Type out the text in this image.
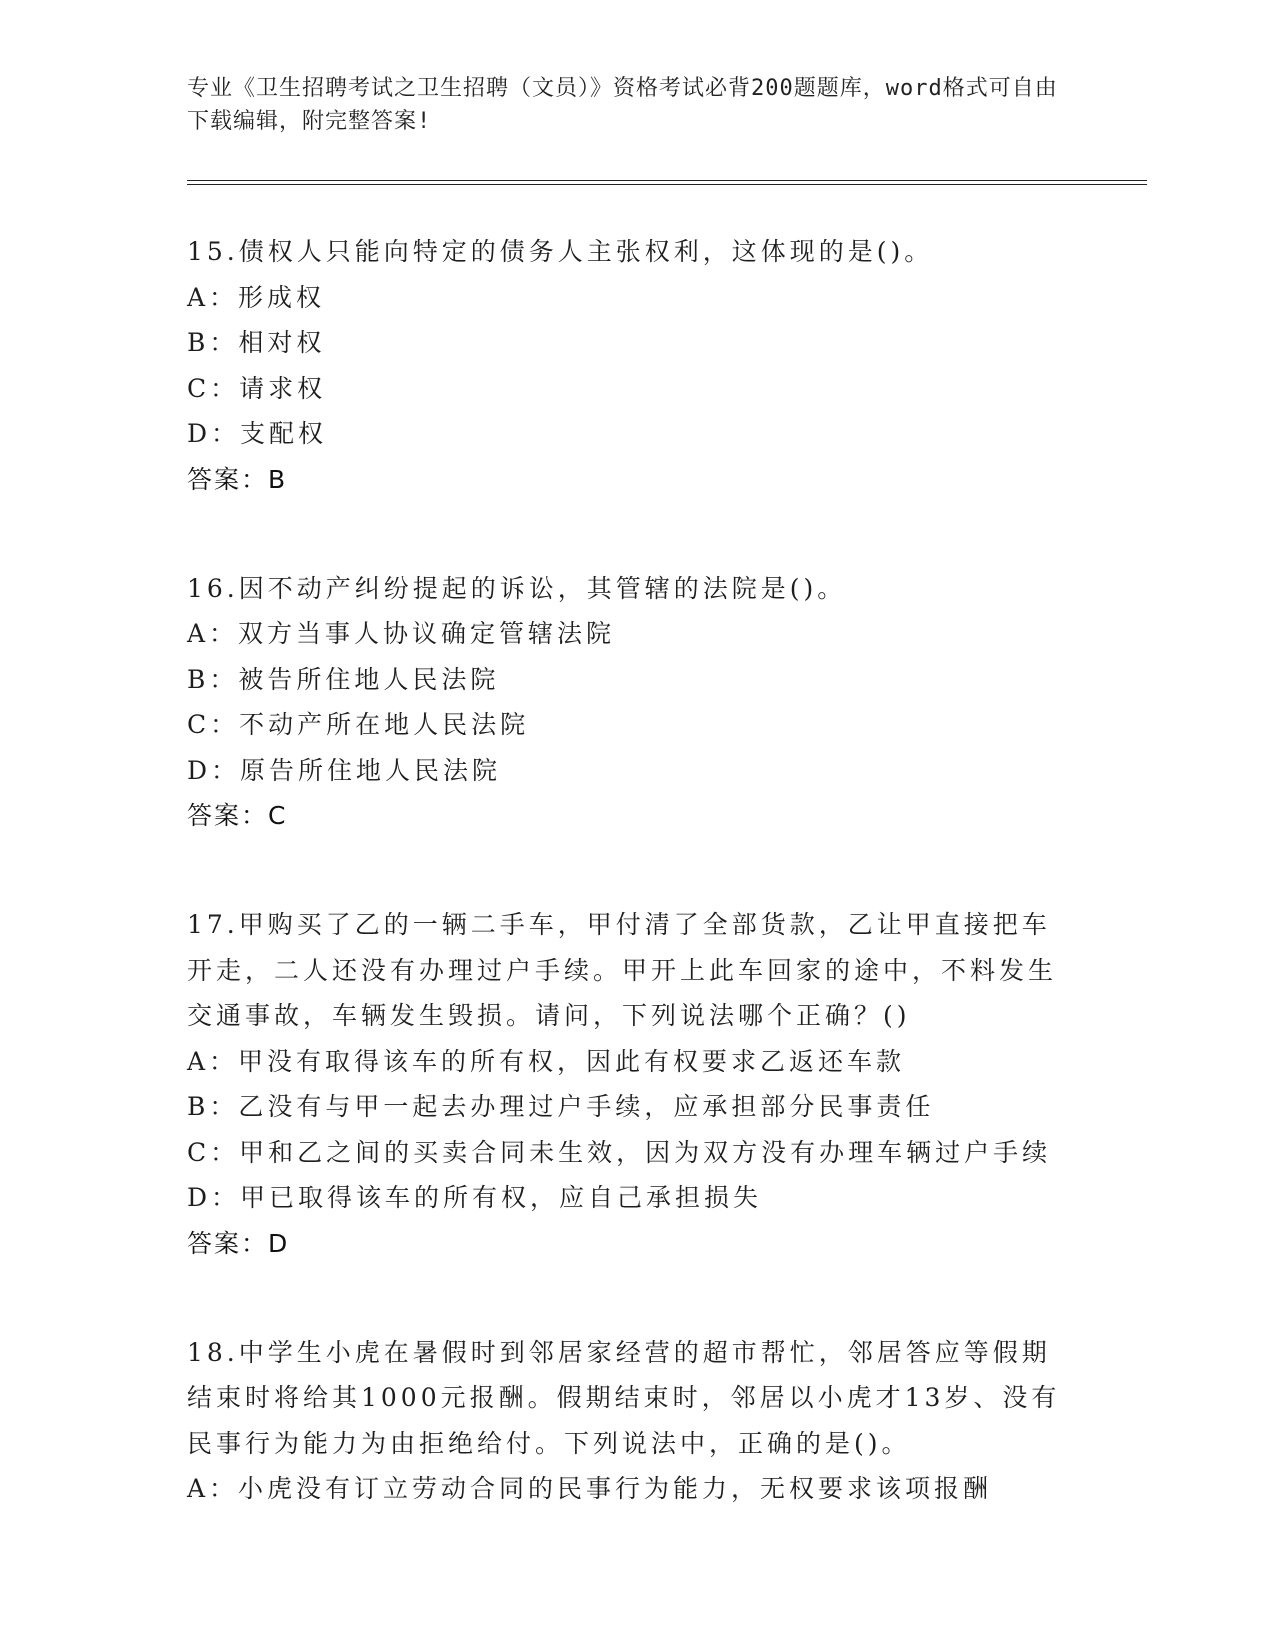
专业《卫生招聘考试之卫生招聘（文员）》资格考试必背200题题库，word格式可自由下载编辑，附完整答案!
15.债权人只能向特定的债务人主张权利，这体现的是()。
A：形成权
B：相对权
C：请求权
D：支配权
答案：B
16.因不动产纠纷提起的诉讼，其管辖的法院是()。
A：双方当事人协议确定管辖法院
B：被告所住地人民法院
C：不动产所在地人民法院
D：原告所住地人民法院
答案：C
17.甲购买了乙的一辆二手车，甲付清了全部货款，乙让甲直接把车开走，二人还没有办理过户手续。甲开上此车回家的途中，不料发生交通事故，车辆发生毁损。请问，下列说法哪个正确？()
A：甲没有取得该车的所有权，因此有权要求乙返还车款
B：乙没有与甲一起去办理过户手续，应承担部分民事责任
C：甲和乙之间的买卖合同未生效，因为双方没有办理车辆过户手续
D：甲已取得该车的所有权，应自己承担损失
答案：D
18.中学生小虎在暑假时到邻居家经营的超市帮忙，邻居答应等假期结束时将给其1000元报酬。假期结束时，邻居以小虎才13岁、没有民事行为能力为由拒绝给付。下列说法中，正确的是()。
A：小虎没有订立劳动合同的民事行为能力，无权要求该项报酬
